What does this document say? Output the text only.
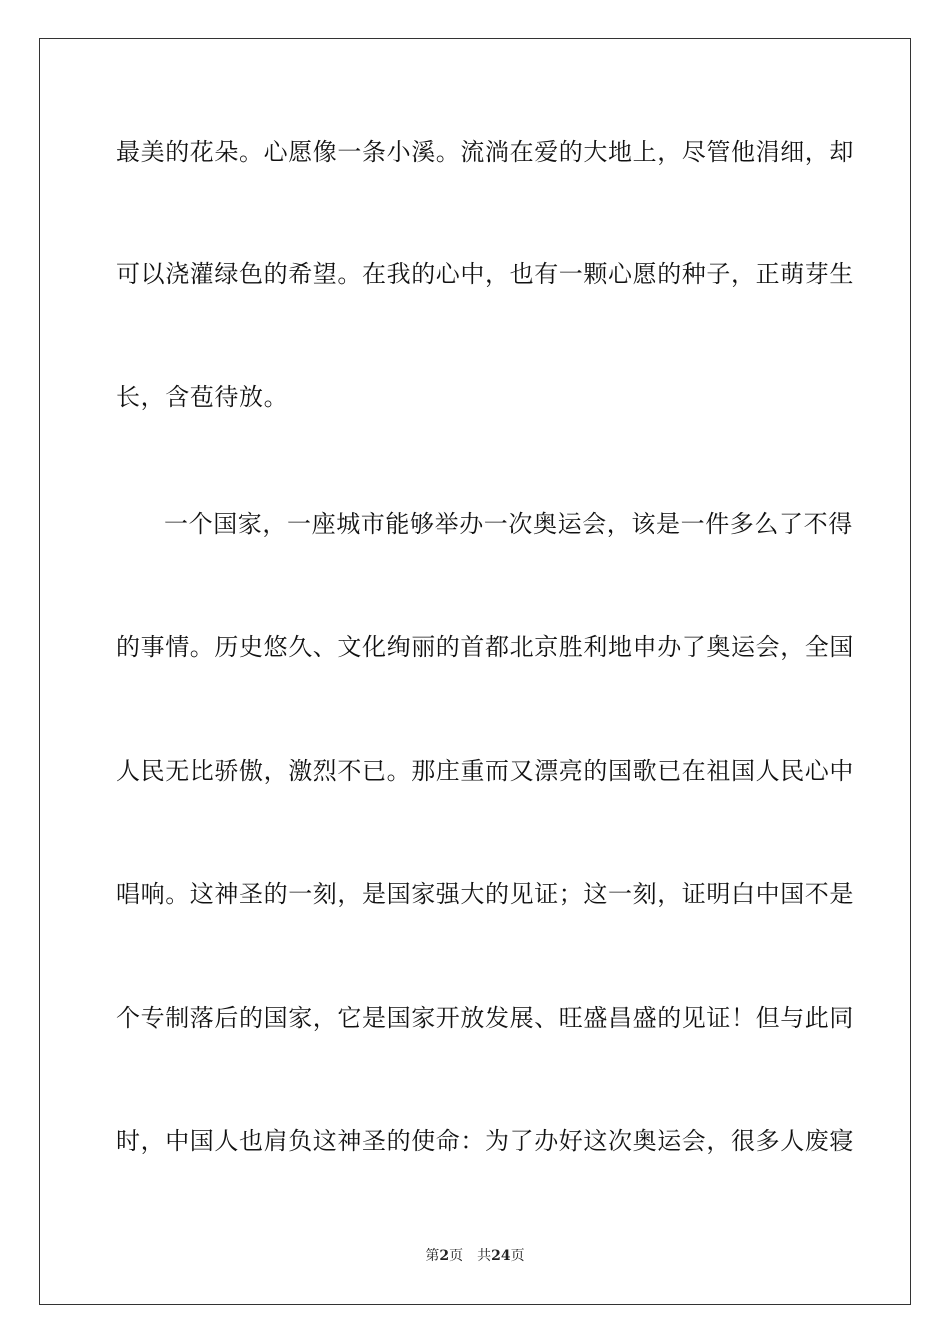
最美的花朵。心愿像一条小溪。流淌在爱的大地上，尽管他涓细，却
可以浇灌绿色的希望。在我的心中，也有一颗心愿的种子，正萌芽生
长，含苞待放。
一个国家，一座城市能够举办一次奥运会，该是一件多么了不得
的事情。历史悠久、文化绚丽的首都北京胜利地申办了奥运会，全国
人民无比骄傲，激烈不已。那庄重而又漂亮的国歌已在祖国人民心中
唱响。这神圣的一刻，是国家强大的见证；这一刻，证明白中国不是
个专制落后的国家，它是国家开放发展、旺盛昌盛的见证！但与此同
时，中国人也肩负这神圣的使命：为了办好这次奥运会，很多人废寝
第2页 共24页
